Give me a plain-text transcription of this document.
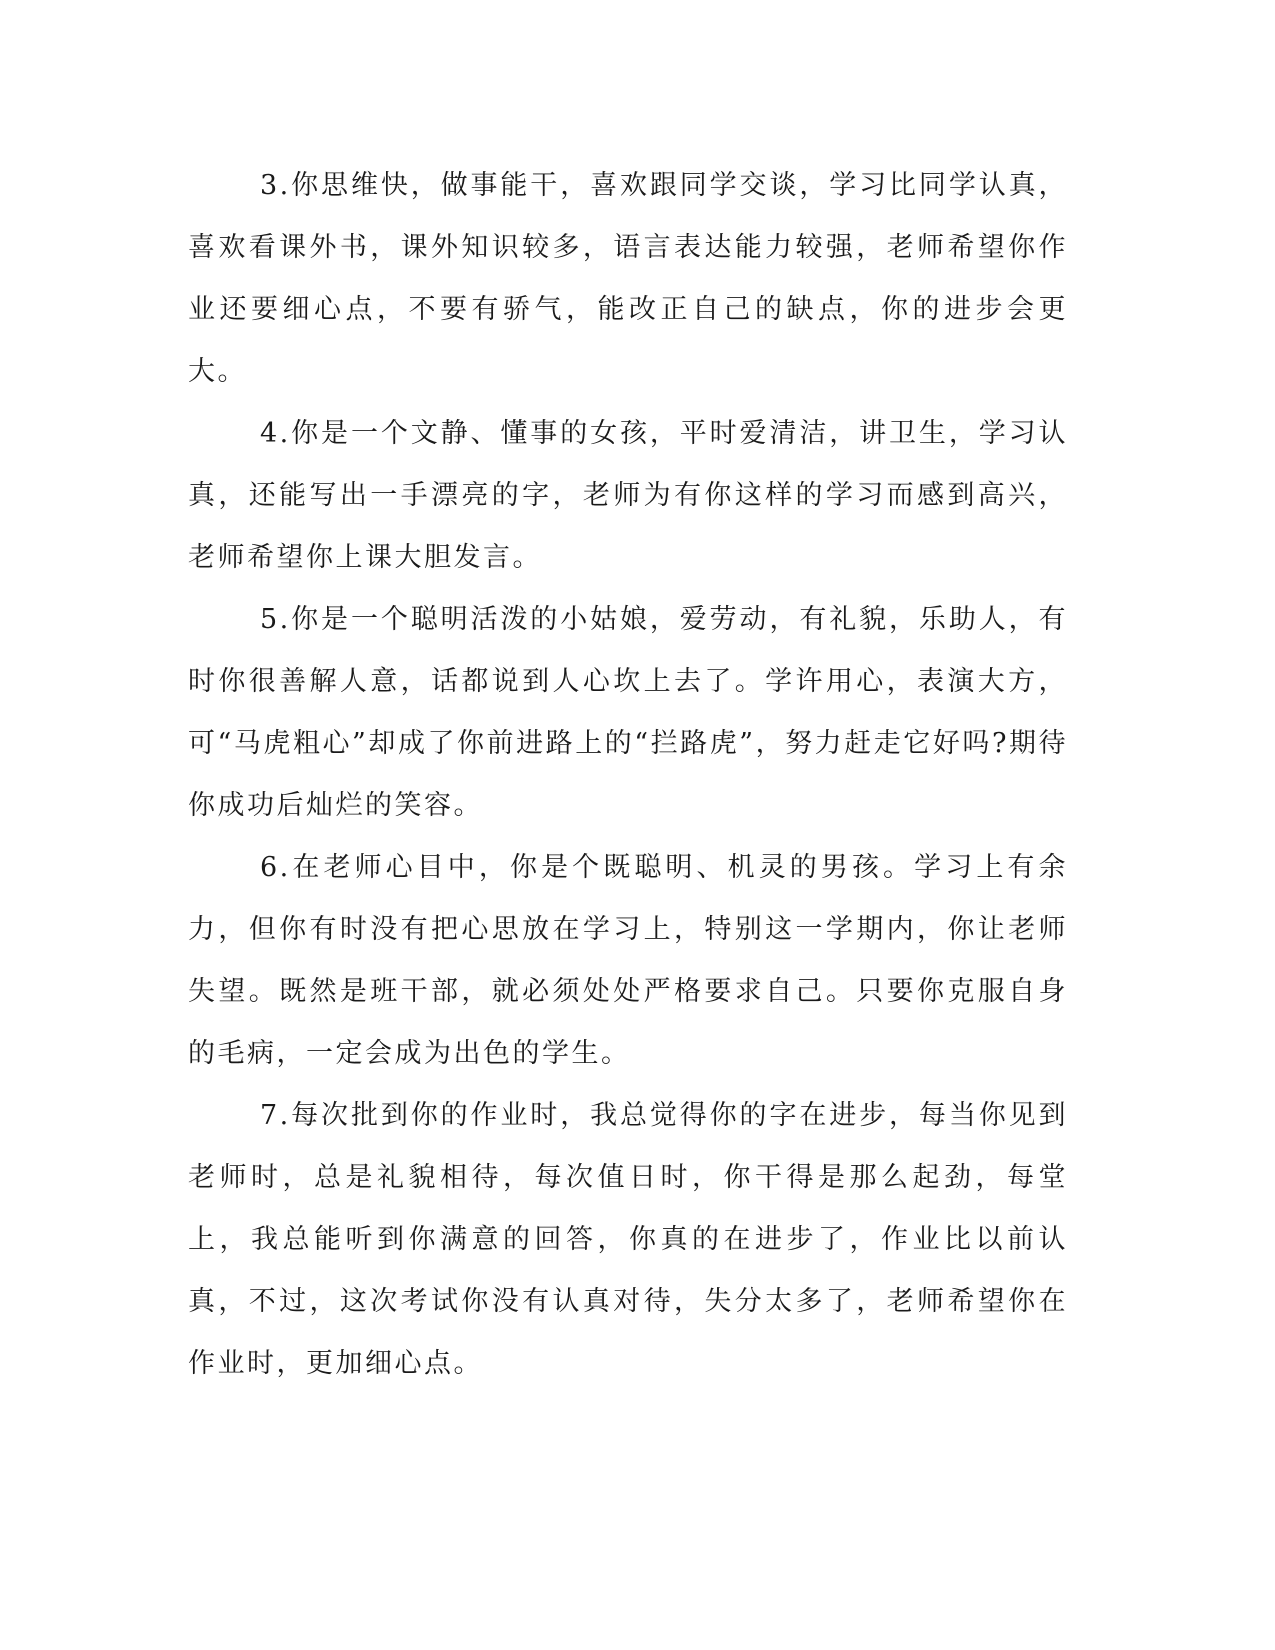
3.你思维快，做事能干，喜欢跟同学交谈，学习比同学认真，喜欢看课外书，课外知识较多，语言表达能力较强，老师希望你作业还要细心点，不要有骄气，能改正自己的缺点，你的进步会更大。

4.你是一个文静、懂事的女孩，平时爱清洁，讲卫生，学习认真，还能写出一手漂亮的字，老师为有你这样的学习而感到高兴，老师希望你上课大胆发言。

5.你是一个聪明活泼的小姑娘，爱劳动，有礼貌，乐助人，有时你很善解人意，话都说到人心坎上去了。学许用心，表演大方，可“马虎粗心”却成了你前进路上的“拦路虎”，努力赶走它好吗?期待你成功后灿烂的笑容。

6.在老师心目中，你是个既聪明、机灵的男孩。学习上有余力，但你有时没有把心思放在学习上，特别这一学期内，你让老师失望。既然是班干部，就必须处处严格要求自己。只要你克服自身的毛病，一定会成为出色的学生。

7.每次批到你的作业时，我总觉得你的字在进步，每当你见到老师时，总是礼貌相待，每次值日时，你干得是那么起劲，每堂上，我总能听到你满意的回答，你真的在进步了，作业比以前认真，不过，这次考试你没有认真对待，失分太多了，老师希望你在作业时，更加细心点。
